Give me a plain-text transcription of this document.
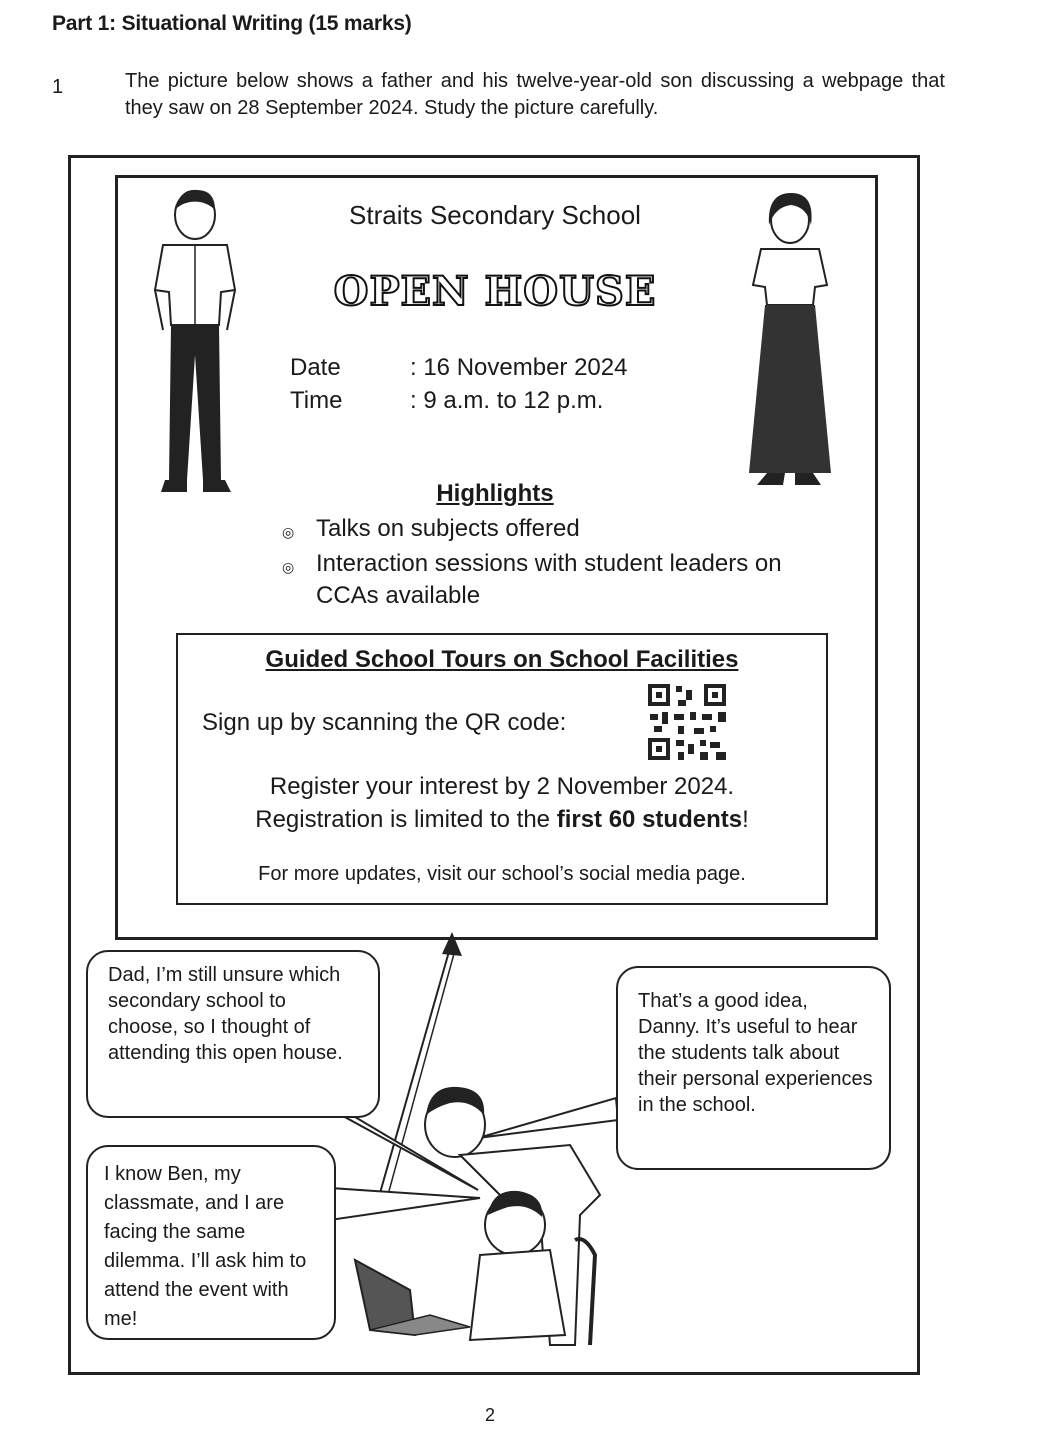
Part 1: Situational Writing (15 marks)
1	The picture below shows a father and his twelve-year-old son discussing a webpage that they saw on 28 September 2024. Study the picture carefully.
Straits Secondary School
OPEN HOUSE
Date	: 16 November 2024
Time	: 9 a.m. to 12 p.m.
Highlights
◎ Talks on subjects offered
◎ Interaction sessions with student leaders on CCAs available
Guided School Tours on School Facilities
Sign up by scanning the QR code:
Register your interest by 2 November 2024.
Registration is limited to the first 60 students!
For more updates, visit our school’s social media page.
Dad, I’m still unsure which secondary school to choose, so I thought of attending this open house.
I know Ben, my classmate, and I are facing the same dilemma. I’ll ask him to attend the event with me!
That’s a good idea, Danny. It’s useful to hear the students talk about their personal experiences in the school.
2
